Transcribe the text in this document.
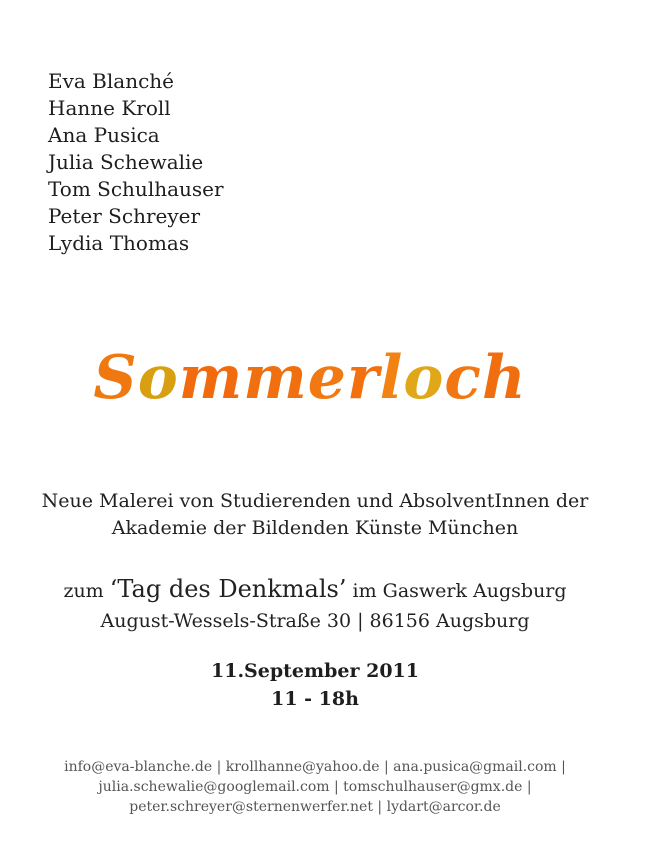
Eva Blanché
Hanne Kroll
Ana Pusica
Julia Schewalie
Tom Schulhauser
Peter Schreyer
Lydia Thomas
Sommerloch
Neue Malerei von Studierenden und AbsolventInnen der
Akademie der Bildenden Künste München
zum ‘Tag des Denkmals’ im Gaswerk Augsburg
August-Wessels-Straße 30 | 86156 Augsburg
11.September 2011
11 - 18h
info@eva-blanche.de | krollhanne@yahoo.de | ana.pusica@gmail.com |
julia.schewalie@googlemail.com | tomschulhauser@gmx.de |
peter.schreyer@sternenwerfer.net | lydart@arcor.de
